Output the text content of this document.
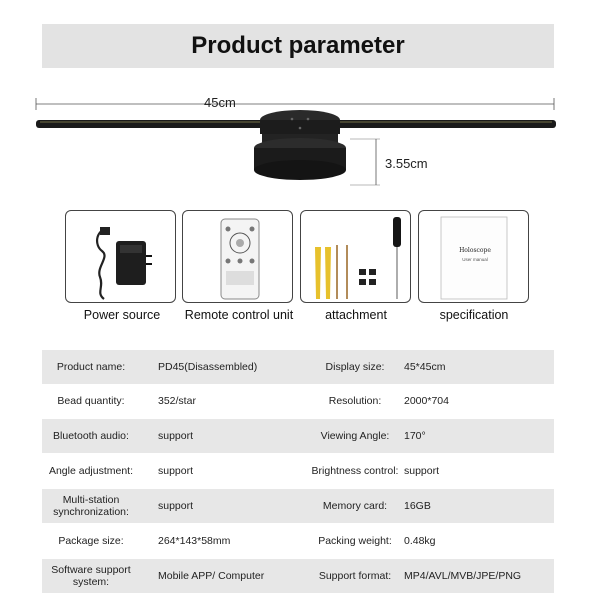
Product parameter
45cm
3.55cm
Holoscope
User manual
Power source	Remote control unit	attachment	specification
Product name:	PD45(Disassembled)	Display size:	45*45cm
Bead quantity:	352/star	Resolution:	2000*704
Bluetooth audio:	support	Viewing Angle:	170°
Angle adjustment:	support	Brightness control: support
Multi-station synchronization:	support	Memory card:	16GB
Package size:	264*143*58mm	Packing weight:	0.48kg
Software support system:	Mobile APP/ Computer	Support format:	MP4/AVL/MVB/JPE/PNG
